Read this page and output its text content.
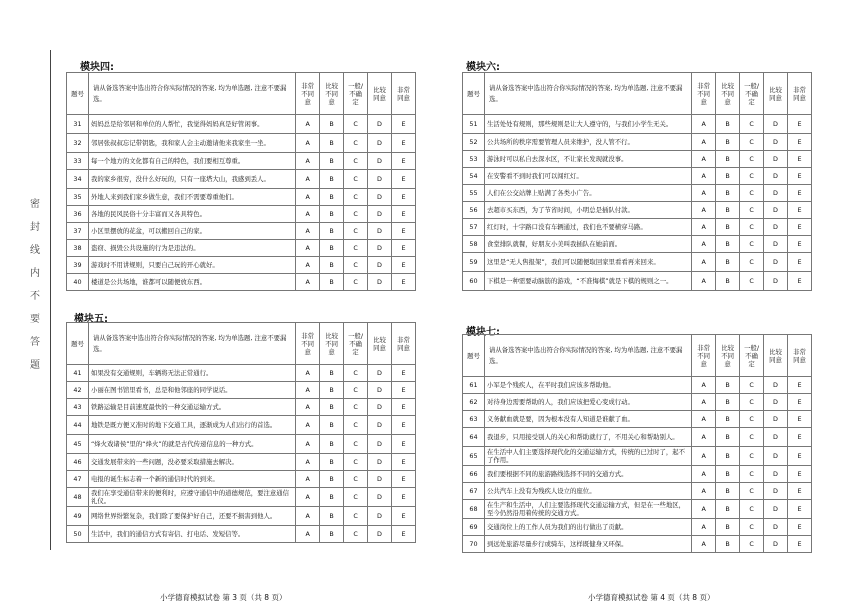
密
封
线
内
不
要
答
题
模块四:
题号	请从备选答案中选出符合你实际情况的答案, 均为单选题, 注意不要漏选。	非常不同意	比较不同意	一般/不确定	比较同意	非常同意
31	妈妈总是给邻居和单位的人帮忙，我觉得妈妈真是好管闲事。	A	B	C	D	E
32	邻居张叔叔忘记带钥匙，我和家人会主动邀请他来我家坐一坐。	A	B	C	D	E
33	每一个地方的文化都有自己的特色，我们要相互尊重。	A	B	C	D	E
34	我的家乡很穷，没什么好玩的，只有一座塔大山，我感到丢人。	A	B	C	D	E
35	外地人来到我们家乡做生意，我们不需要尊重他们。	A	B	C	D	E
36	各地的民风民俗十分丰富而又各具特色。	A	B	C	D	E
37	小区里摆放的花盆，可以搬回自己的家。	A	B	C	D	E
38	盗窃、损毁公共设施的行为是违法的。	A	B	C	D	E
39	游戏时不用讲规则，只要自己玩的开心就好。	A	B	C	D	E
40	楼道是公共场地，谁都可以随便放东西。	A	B	C	D	E
模块五:
题号	请从备选答案中选出符合你实际情况的答案, 均为单选题, 注意不要漏选。	非常不同意	比较不同意	一般/不确定	比较同意	非常同意
41	如果没有交通规则，车辆将无法正常通行。	A	B	C	D	E
42	小丽在图书馆里看书，总是和他邻座的同学说话。	A	B	C	D	E
43	铁路运输是目前速度最快的一种交通运输方式。	A	B	C	D	E
44	地铁是既方便又准时的地下交通工具，逐渐成为人们出行的首选。	A	B	C	D	E
45	“烽火戏诸侯”里的“烽火”的就是古代传递信息的一种方式。	A	B	C	D	E
46	交通发展带来的一些问题，没必要采取措施去解决。	A	B	C	D	E
47	电报的诞生标志着一个新的通信时代的到来。	A	B	C	D	E
48	我们在享受通信带来的便利时，应遵守通信中的道德规范，要注意通信礼仪。	A	B	C	D	E
49	网络世界纷繁复杂，我们除了要保护好自己，还要不损害到他人。	A	B	C	D	E
50	生活中，我们的通信方式有寄信、打电话、发短信等。	A	B	C	D	E
模块六:
题号	请从备选答案中选出符合你实际情况的答案, 均为单选题, 注意不要漏选。	非常不同意	比较不同意	一般/不确定	比较同意	非常同意
51	生活处处有规则，那些规则是让大人遵守的，与我们小学生无关。	A	B	C	D	E
52	公共场所的秩序需要管理人员来维护，没人管不行。	A	B	C	D	E
53	游泳时可以私自去深水区，不让家长发现就没事。	A	B	C	D	E
54	在安警看不到时我们可以闯红灯。	A	B	C	D	E
55	人们在公交站牌上贴满了各类小广告。	A	B	C	D	E
56	去超市买东西，为了节省时间，小明总是插队付款。	A	B	C	D	E
57	红灯时，十字路口没有车辆通过，我们也不要横穿马路。	A	B	C	D	E
58	食堂排队就餐，好朋友小美叫我插队在她前面。	A	B	C	D	E
59	这里是“无人售报架”，我们可以随便取回家里看看再来回来。	A	B	C	D	E
60	下棋是一种需要动脑筋的游戏，“不准悔棋”就是下棋的规则之一。	A	B	C	D	E
模块七:
题号	请从备选答案中选出符合你实际情况的答案, 均为单选题, 注意不要漏选。	非常不同意	比较不同意	一般/不确定	比较同意	非常同意
61	小军是个残疾人，在平时我们应该多帮助他。	A	B	C	D	E
62	对待身边需要帮助的人，我们应该把爱心变成行动。	A	B	C	D	E
63	义务献血就是要，因为根本没有人知道是谁献了血。	A	B	C	D	E
64	我退步，只用接受别人的关心和帮助就行了，不用关心和帮助别人。	A	B	C	D	E
65	在生活中人们主要选择现代化的交通运输方式，传统的已过时了，起不了作用。	A	B	C	D	E
66	我们要根据不同的旅游路线选择不同的交通方式。	A	B	C	D	E
67	公共汽车上没有为残疾人设立的座位。	A	B	C	D	E
68	在生产和生活中，人们主要选择现代交通运输方式，但是在一些地区，至今仍然沿用着传统的交通方式。	A	B	C	D	E
69	交通岗位上的工作人员为我们的出行做出了贡献。	A	B	C	D	E
70	到远处旅游尽量步行或骑车，这样既健身又环保。	A	B	C	D	E
小学德育模拟试卷 第 3 页（共 8 页）	小学德育模拟试卷 第 4 页（共 8 页）
